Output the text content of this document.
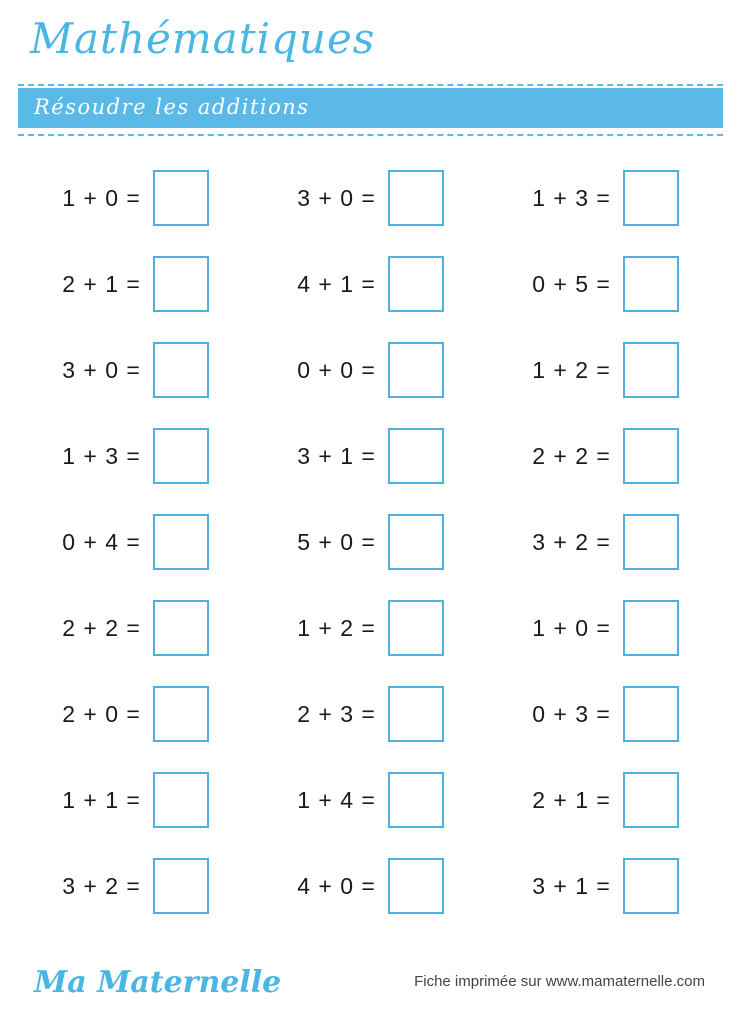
Mathématiques
Résoudre les additions
1 + 0 =	3 + 0 =	1 + 3 =
2 + 1 =	4 + 1 =	0 + 5 =
3 + 0 =	0 + 0 =	1 + 2 =
1 + 3 =	3 + 1 =	2 + 2 =
0 + 4 =	5 + 0 =	3 + 2 =
2 + 2 =	1 + 2 =	1 + 0 =
2 + 0 =	2 + 3 =	0 + 3 =
1 + 1 =	1 + 4 =	2 + 1 =
3 + 2 =	4 + 0 =	3 + 1 =
Ma Maternelle	Fiche imprimée sur www.mamaternelle.com
